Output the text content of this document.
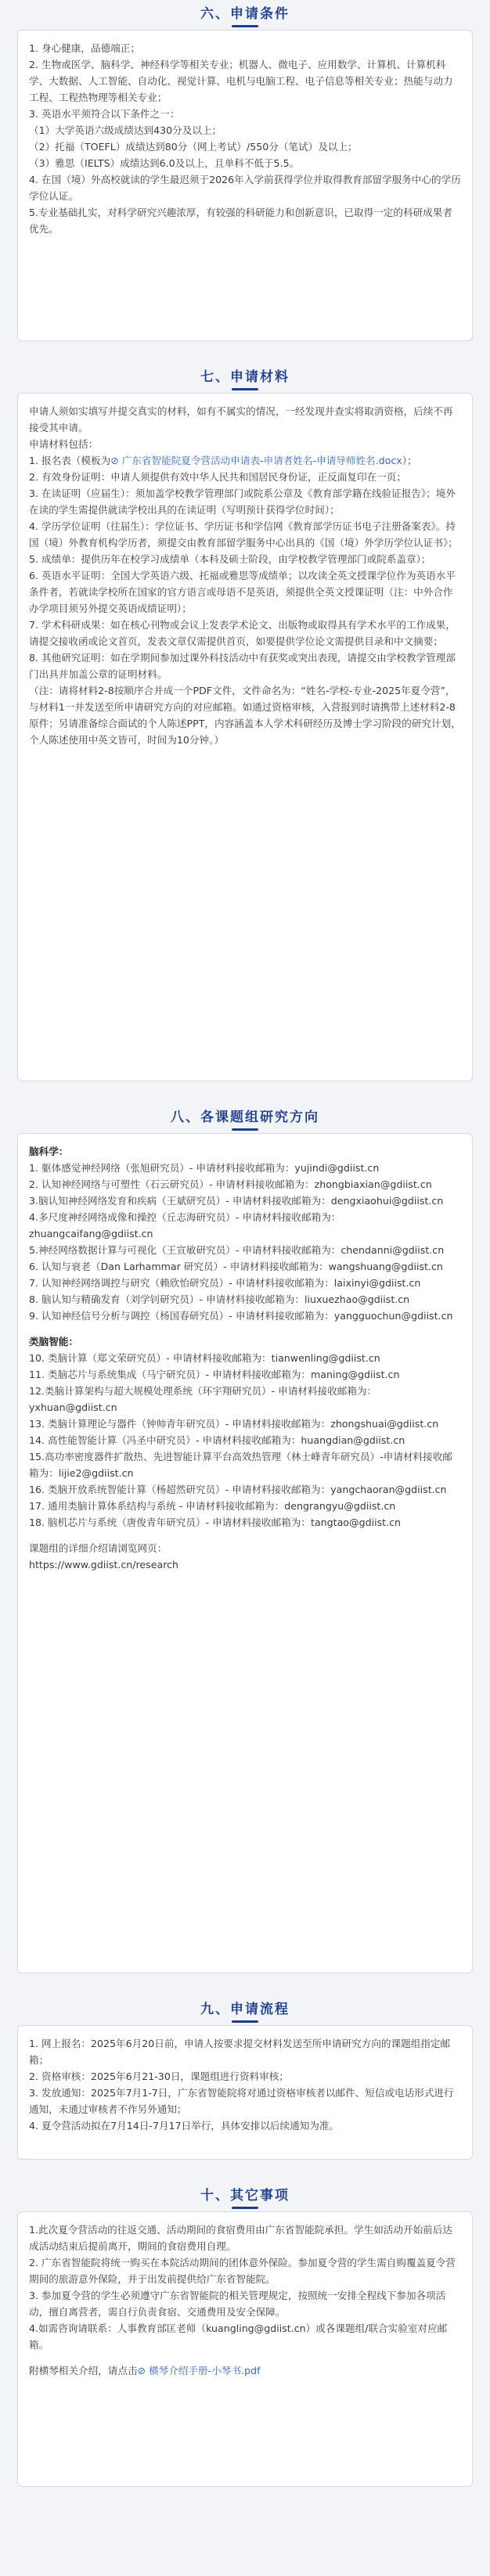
六、申请条件

1. 身心健康，品德端正；

2. 生物或医学、脑科学、神经科学等相关专业；机器人、微电子、应用数学、计算机、计算机科学、大数据、人工智能、自动化、视觉计算、电机与电脑工程、电子信息等相关专业；热能与动力工程、工程热物理等相关专业；

3. 英语水平须符合以下条件之一：

（1）大学英语六级成绩达到430分及以上；

（2）托福（TOEFL）成绩达到80分（网上考试）/550分（笔试）及以上；

（3）雅思（IELTS）成绩达到6.0及以上，且单科不低于5.5。

4. 在国（境）外高校就读的学生最迟须于2026年入学前获得学位并取得教育部留学服务中心的学历学位认证。

5.专业基础扎实，对科学研究兴趣浓厚，有较强的科研能力和创新意识，已取得一定的科研成果者优先。

七、申请材料

申请人须如实填写并提交真实的材料，如有不属实的情况，一经发现并查实将取消资格，后续不再接受其申请。

申请材料包括：

1. 报名表（模板为⊘ 广东省智能院夏令营活动申请表-申请者姓名-申请导师姓名.docx）；

2. 有效身份证明：申请人须提供有效中华人民共和国居民身份证，正反面复印在一页；

3. 在读证明（应届生）：须加盖学校教学管理部门或院系公章及《教育部学籍在线验证报告》；境外在读的学生需提供就读学校出具的在读证明（写明预计获得学位时间）；

4. 学历学位证明（往届生）：学位证书、学历证书和学信网《教育部学历证书电子注册备案表》。持国（境）外教育机构学历者，须提交由教育部留学服务中心出具的《国（境）外学历学位认证书》；

5. 成绩单：提供历年在校学习成绩单（本科及硕士阶段，由学校教学管理部门或院系盖章）；

6. 英语水平证明：全国大学英语六级、托福或雅思等成绩单；以攻读全英文授课学位作为英语水平条件者，若就读学校所在国家的官方语言或母语不是英语，须提供全英文授课证明（注：中外合作办学项目须另外提交英语成绩证明）；

7. 学术科研成果：如在核心刊物或会议上发表学术论文、出版物或取得具有学术水平的工作成果，请提交接收函或论文首页，发表文章仅需提供首页，如要提供学位论文需提供目录和中文摘要；

8. 其他研究证明：如在学期间参加过课外科技活动中有获奖或突出表现，请提交由学校教学管理部门出具并加盖公章的证明材料。

（注：请将材料2-8按顺序合并成一个PDF文件，文件命名为：“姓名-学校-专业-2025年夏令营”，与材料1一并发送至所申请研究方向的对应邮箱。如通过资格审核，入营报到时请携带上述材料2-8原件；另请准备综合面试的个人陈述PPT，内容涵盖本人学术科研经历及博士学习阶段的研究计划，个人陈述使用中英文皆可，时间为10分钟。）

八、各课题组研究方向

脑科学：

1. 躯体感觉神经网络（张旭研究员）- 申请材料接收邮箱为：yujindi@gdiist.cn

2. 认知神经网络与可塑性（石云研究员）- 申请材料接收邮箱为：zhongbiaxian@gdiist.cn

3.脑认知神经网络发育和疾病（王斌研究员）- 申请材料接收邮箱为：dengxiaohui@gdiist.cn

4.多尺度神经网络成像和操控（丘志海研究员）- 申请材料接收邮箱为：zhuangcaifang@gdiist.cn

5.神经网络数据计算与可视化（王宣敏研究员）- 申请材料接收邮箱为：chendanni@gdiist.cn

6. 认知与衰老（Dan Larhammar 研究员）- 申请材料接收邮箱为：wangshuang@gdiist.cn

7. 认知神经网络调控与研究（赖欣怡研究员）- 申请材料接收邮箱为：laixinyi@gdiist.cn

8. 脑认知与精确发育（刘学钊研究员）- 申请材料接收邮箱为：liuxuezhao@gdiist.cn

9. 认知神经信号分析与调控（杨国春研究员）- 申请材料接收邮箱为：yangguochun@gdiist.cn

类脑智能：

10. 类脑计算（郑文荣研究员）- 申请材料接收邮箱为：tianwenling@gdiist.cn

11. 类脑芯片与系统集成（马宁研究员）- 申请材料接收邮箱为：maning@gdiist.cn

12.类脑计算架构与超大规模处理系统（环宇翔研究员）- 申请材料接收邮箱为：yxhuan@gdiist.cn

13. 类脑计算理论与器件（钟帅青年研究员）- 申请材料接收邮箱为：zhongshuai@gdiist.cn

14. 高性能智能计算（冯圣中研究员）- 申请材料接收邮箱为：huangdian@gdiist.cn

15.高功率密度器件扩散热、先进智能计算平台高效热管理（林士峰青年研究员）-申请材料接收邮箱为：lijie2@gdiist.cn

16. 类脑开放系统智能计算（杨超然研究员）- 申请材料接收邮箱为：yangchaoran@gdiist.cn

17. 通用类脑计算体系结构与系统 - 申请材料接收邮箱为：dengrangyu@gdiist.cn

18. 脑机芯片与系统（唐俊青年研究员）- 申请材料接收邮箱为：tangtao@gdiist.cn

课题组的详细介绍请浏览网页：

https://www.gdiist.cn/research

九、申请流程

1. 网上报名：2025年6月20日前，申请人按要求提交材料发送至所申请研究方向的课题组指定邮箱；

2. 资格审核：2025年6月21-30日，课题组进行资料审核；

3. 发放通知：2025年7月1-7日，广东省智能院将对通过资格审核者以邮件、短信或电话形式进行通知，未通过审核者不作另外通知；

4. 夏令营活动拟在7月14日-7月17日举行，具体安排以后续通知为准。

十、其它事项

1.此次夏令营活动的往返交通、活动期间的食宿费用由广东省智能院承担。学生如活动开始前后达成活动结束后提前离开，期间的食宿费用自理。

2. 广东省智能院将统一购买在本院活动期间的团体意外保险。参加夏令营的学生需自购覆盖夏令营期间的旅游意外保险，并于出发前提供给广东省智能院。

3. 参加夏令营的学生必须遵守广东省智能院的相关管理规定，按照统一安排全程线下参加各项活动，擅自离营者，需自行负责食宿、交通费用及安全保障。

4.如需咨询请联系：人事教育部匡老师（kuangling@gdiist.cn）或各课题组/联合实验室对应邮箱。

附横琴相关介绍，请点击⊘ 横琴介绍手册-小琴书.pdf
